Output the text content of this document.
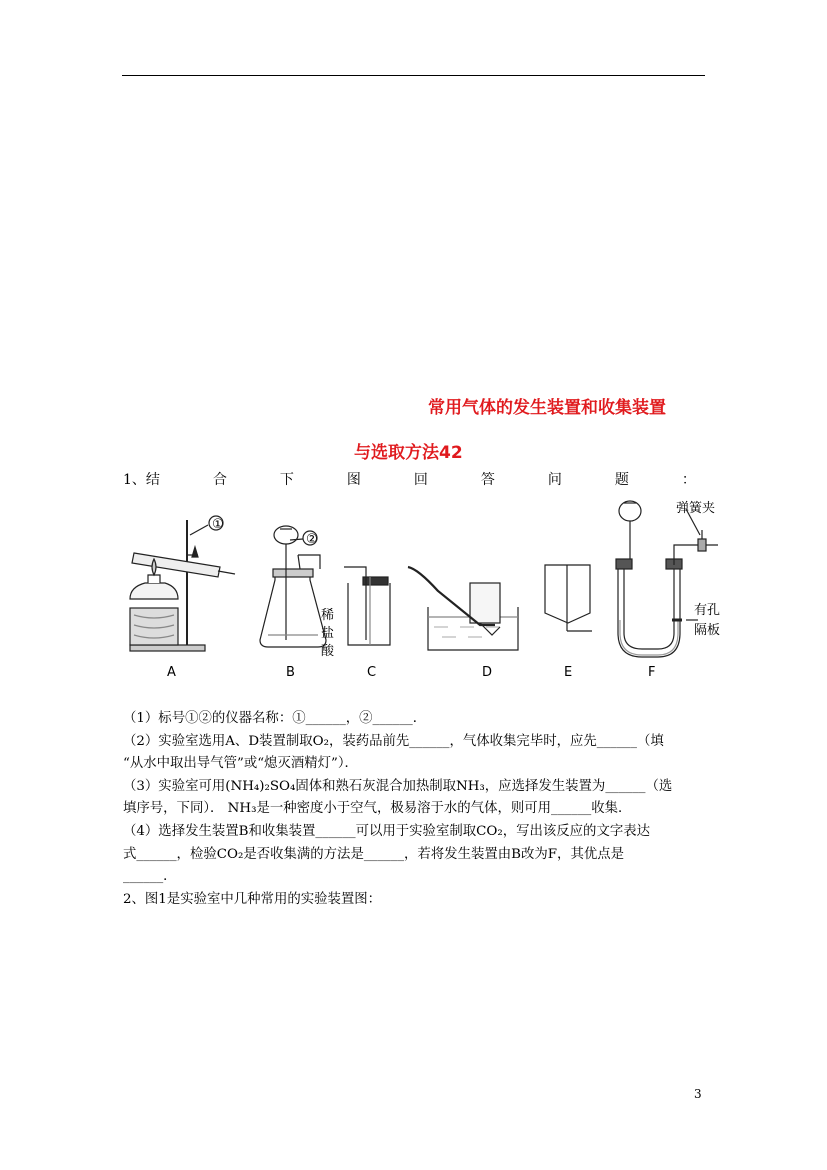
常用气体的发生装置和收集装置
与选取方法42
1、结	合	下	图	回	答	问	题	：
①
②
稀
盐
酸
弹簧夹
有孔
隔板
A	B	C	D	E	F

（1）标号①②的仪器名称：①______，②______．

（2）实验室选用A、D装置制取O₂，装药品前先______，气体收集完毕时，应先______（填

“从水中取出导气管”或“熄灭酒精灯”）．

（3）实验室可用(NH₄)₂SO₄固体和熟石灰混合加热制取NH₃，应选择发生装置为______（选

填序号，下同）． NH₃是一种密度小于空气，极易溶于水的气体，则可用______收集．

（4）选择发生装置B和收集装置______可以用于实验室制取CO₂，写出该反应的文字表达

式______，检验CO₂是否收集满的方法是______，若将发生装置由B改为F，其优点是

______．

2、图1是实验室中几种常用的实验装置图：

3
